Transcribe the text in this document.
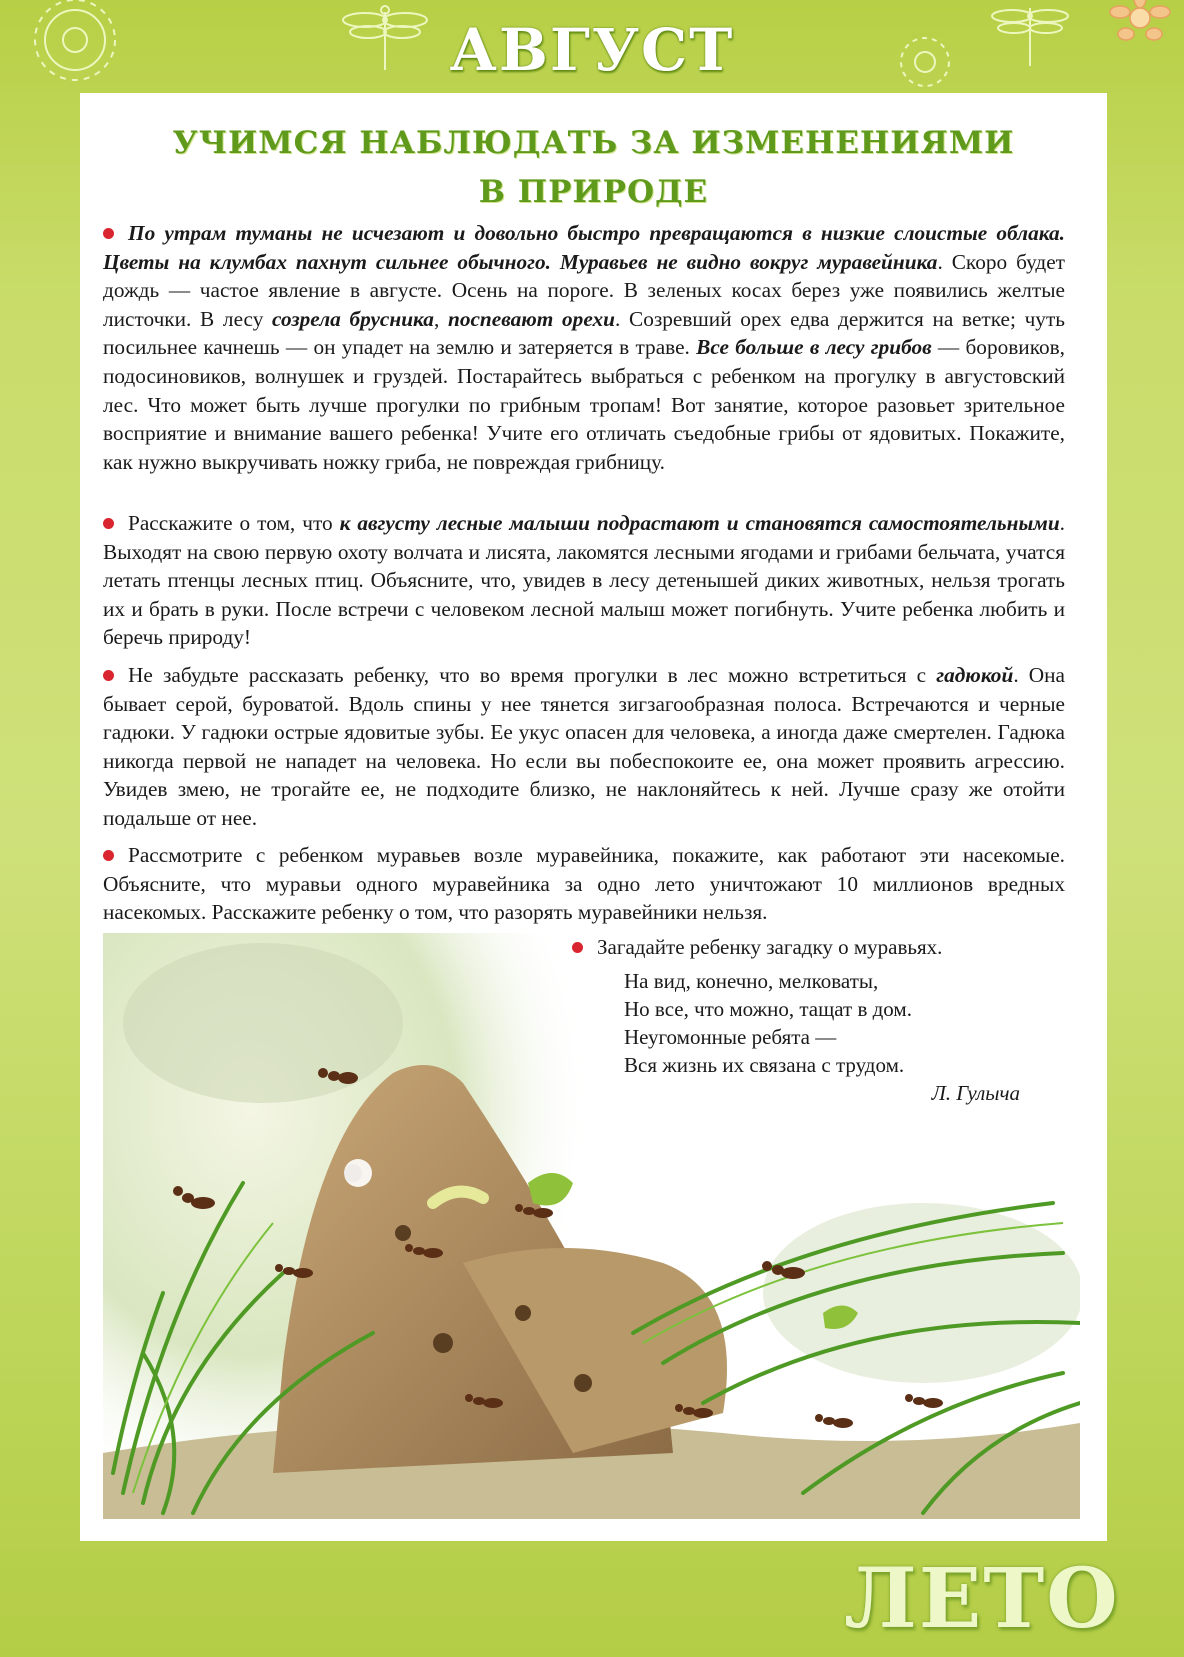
АВГУСТ
УЧИМСЯ НАБЛЮДАТЬ ЗА ИЗМЕНЕНИЯМИ
В ПРИРОДЕ
По утрам туманы не исчезают и довольно быстро превращаются в низкие слоистые облака. Цветы на клумбах пахнут сильнее обычного. Муравьев не видно вокруг муравейника. Скоро будет дождь — частое явление в августе. Осень на пороге. В зеленых косах берез уже появились желтые листочки. В лесу созрела брусника, поспевают орехи. Созревший орех едва держится на ветке; чуть посильнее качнешь — он упадет на землю и затеряется в траве. Все больше в лесу грибов — боровиков, подосиновиков, волнушек и груздей. Постарайтесь выбраться с ребенком на прогулку в августовский лес. Что может быть лучше прогулки по грибным тропам! Вот занятие, которое разовьет зрительное восприятие и внимание вашего ребенка! Учите его отличать съедобные грибы от ядовитых. Покажите, как нужно выкручивать ножку гриба, не повреждая грибницу.
Расскажите о том, что к августу лесные малыши подрастают и становятся самостоятельными. Выходят на свою первую охоту волчата и лисята, лакомятся лесными ягодами и грибами бельчата, учатся летать птенцы лесных птиц. Объясните, что, увидев в лесу детенышей диких животных, нельзя трогать их и брать в руки. После встречи с человеком лесной малыш может погибнуть. Учите ребенка любить и беречь природу!
Не забудьте рассказать ребенку, что во время прогулки в лес можно встретиться с гадюкой. Она бывает серой, буроватой. Вдоль спины у нее тянется зигзагообразная полоса. Встречаются и черные гадюки. У гадюки острые ядовитые зубы. Ее укус опасен для человека, а иногда даже смертелен. Гадюка никогда первой не нападет на человека. Но если вы побеспокоите ее, она может проявить агрессию. Увидев змею, не трогайте ее, не подходите близко, не наклоняйтесь к ней. Лучше сразу же отойти подальше от нее.
Рассмотрите с ребенком муравьев возле муравейника, покажите, как работают эти насекомые. Объясните, что муравьи одного муравейника за одно лето уничтожают 10 миллионов вредных насекомых. Расскажите ребенку о том, что разорять муравейники нельзя.
Загадайте ребенку загадку о муравьях.
На вид, конечно, мелковаты,
Но все, что можно, тащат в дом.
Неугомонные ребята —
Вся жизнь их связана с трудом.
Л. Гулыча
ЛЕТО
